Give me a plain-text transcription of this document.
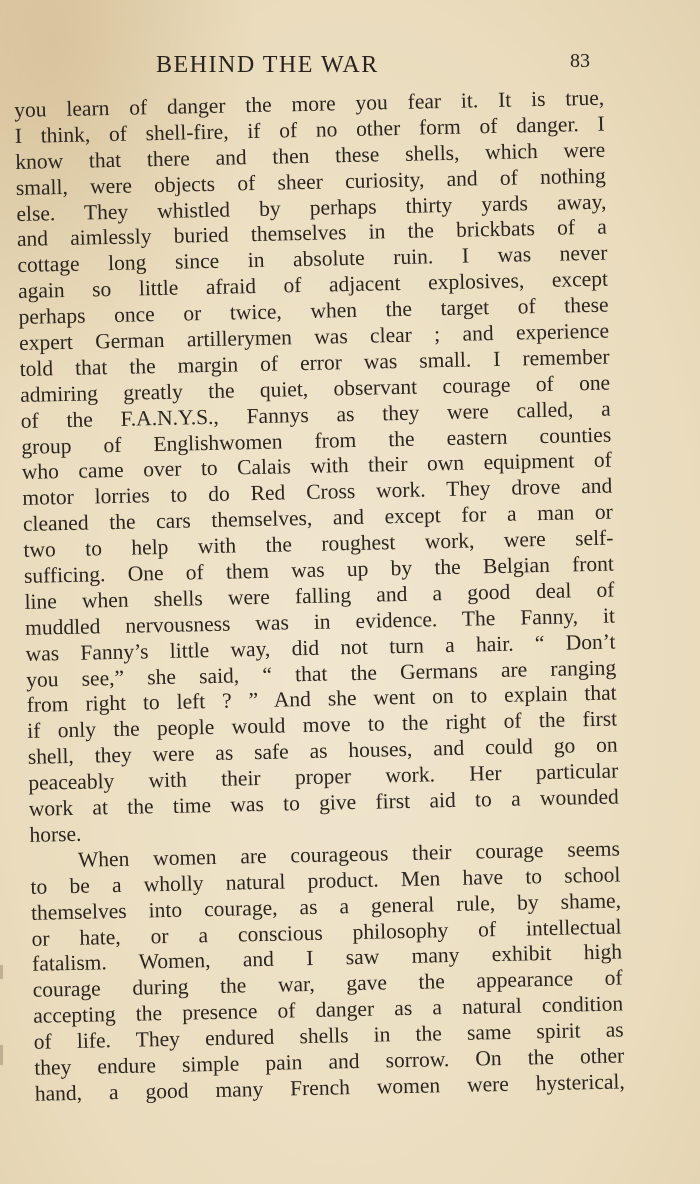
BEHIND THE WAR	83
you learn of danger the more you fear it. It is true,
I think, of shell-fire, if of no other form of danger. I
know that there and then these shells, which were
small, were objects of sheer curiosity, and of nothing
else. They whistled by perhaps thirty yards away,
and aimlessly buried themselves in the brickbats of a
cottage long since in absolute ruin. I was never
again so little afraid of adjacent explosives, except
perhaps once or twice, when the target of these
expert German artillerymen was clear ; and experience
told that the margin of error was small. I remember
admiring greatly the quiet, observant courage of one
of the F.A.N.Y.S., Fannys as they were called, a
group of Englishwomen from the eastern counties
who came over to Calais with their own equipment of
motor lorries to do Red Cross work. They drove and
cleaned the cars themselves, and except for a man or
two to help with the roughest work, were self-
sufficing. One of them was up by the Belgian front
line when shells were falling and a good deal of
muddled nervousness was in evidence. The Fanny, it
was Fanny’s little way, did not turn a hair. “ Don’t
you see,” she said, “ that the Germans are ranging
from right to left ? ” And she went on to explain that
if only the people would move to the right of the first
shell, they were as safe as houses, and could go on
peaceably with their proper work. Her particular
work at the time was to give first aid to a wounded
horse.
When women are courageous their courage seems
to be a wholly natural product. Men have to school
themselves into courage, as a general rule, by shame,
or hate, or a conscious philosophy of intellectual
fatalism. Women, and I saw many exhibit high
courage during the war, gave the appearance of
accepting the presence of danger as a natural condition
of life. They endured shells in the same spirit as
they endure simple pain and sorrow. On the other
hand, a good many French women were hysterical,
